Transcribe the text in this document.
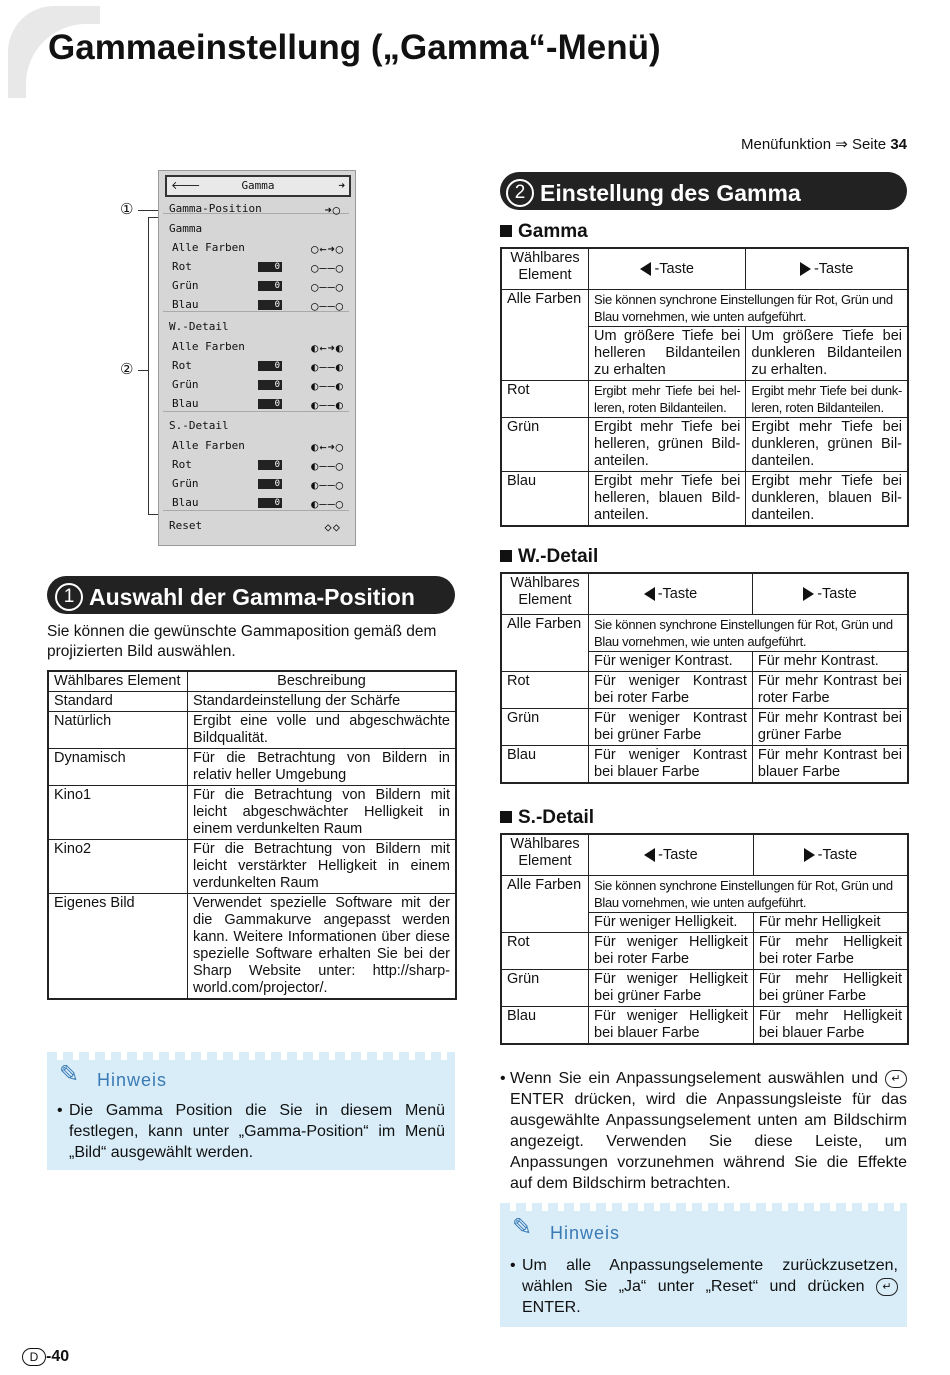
Gammaeinstellung („Gamma“-Menü)
Menüfunktion ⇒ Seite 34
①
②
🡐	Gamma	➜
Gamma-Position	➜◯
Gamma
Alle Farben	◯←➜◯
Rot	0	◯‒‒◯
Grün	0	◯‒‒◯
Blau	0	◯‒‒◯
W.-Detail
Alle Farben	◐←➜◐
Rot	0	◐‒‒◐
Grün	0	◐‒‒◐
Blau	0	◐‒‒◐
S.-Detail
Alle Farben	◐←➜◯
Rot	0	◐‒‒◯
Grün	0	◐‒‒◯
Blau	0	◐‒‒◯
Reset	◇◇
1 Auswahl der Gamma-Position
Sie können die gewünschte Gammaposition gemäß dem projizierten Bild auswählen.
Wählbares Element	Beschreibung
Standard	Standardeinstellung der Schärfe
Natürlich	Ergibt eine volle und abgeschwächte Bildqualität.
Dynamisch	Für die Betrachtung von Bildern in relativ heller Umgebung
Kino1	Für die Betrachtung von Bildern mit leicht abgeschwächter Helligkeit in einem verdunkelten Raum
Kino2	Für die Betrachtung von Bildern mit leicht verstärkter Helligkeit in einem verdunkelten Raum
Eigenes Bild	Verwendet spezielle Software mit der die Gammakurve angepasst werden kann. Weitere Informationen über diese spezielle Software erhalten Sie bei der Sharp Website unter: http://sharp-world.com/projector/.
✎ Hinweis
• Die Gamma Position die Sie in diesem Menü festlegen, kann unter „Gamma-Position“ im Menü „Bild“ ausgewählt werden.
2 Einstellung des Gamma
Gamma
Wählbares Element	-Taste	-Taste
Alle Farben	Sie können synchrone Einstellungen für Rot, Grün und Blau vornehmen, wie unten aufgeführt.	
	Um größere Tiefe bei helleren Bildanteilen zu erhalten	Um größere Tiefe bei dunkleren Bildanteilen zu erhalten.
Rot	Ergibt mehr Tiefe bei hel-leren, roten Bildanteilen.	Ergibt mehr Tiefe bei dunk-leren, roten Bildanteilen.
Grün	Ergibt mehr Tiefe bei helleren, grünen Bild-anteilen.	Ergibt mehr Tiefe bei dunkleren, grünen Bil-danteilen.
Blau	Ergibt mehr Tiefe bei helleren, blauen Bild-anteilen.	Ergibt mehr Tiefe bei dunkleren, blauen Bil-danteilen.
W.-Detail
Wählbares Element	-Taste	-Taste
Alle Farben	Sie können synchrone Einstellungen für Rot, Grün und Blau vornehmen, wie unten aufgeführt.	
	Für weniger Kontrast.	Für mehr Kontrast.
Rot	Für weniger Kontrast bei roter Farbe	Für mehr Kontrast bei roter Farbe
Grün	Für weniger Kontrast bei grüner Farbe	Für mehr Kontrast bei grüner Farbe
Blau	Für weniger Kontrast bei blauer Farbe	Für mehr Kontrast bei blauer Farbe
S.-Detail
Wählbares Element	-Taste	-Taste
Alle Farben	Sie können synchrone Einstellungen für Rot, Grün und Blau vornehmen, wie unten aufgeführt.	
	Für weniger Helligkeit.	Für mehr Helligkeit
Rot	Für weniger Helligkeit bei roter Farbe	Für mehr Helligkeit bei roter Farbe
Grün	Für weniger Helligkeit bei grüner Farbe	Für mehr Helligkeit bei grüner Farbe
Blau	Für weniger Helligkeit bei blauer Farbe	Für mehr Helligkeit bei blauer Farbe
• Wenn Sie ein Anpassungselement auswählen und ↵ ENTER drücken, wird die Anpassungsleiste für das ausgewählte Anpassungselement unten am Bildschirm angezeigt. Verwenden Sie diese Leiste, um Anpassungen vorzunehmen während Sie die Effekte auf dem Bildschirm betrachten.
✎ Hinweis
• Um alle Anpassungselemente zurückzusetzen, wählen Sie „Ja“ unter „Reset“ und drücken ↵ ENTER.
D -40
